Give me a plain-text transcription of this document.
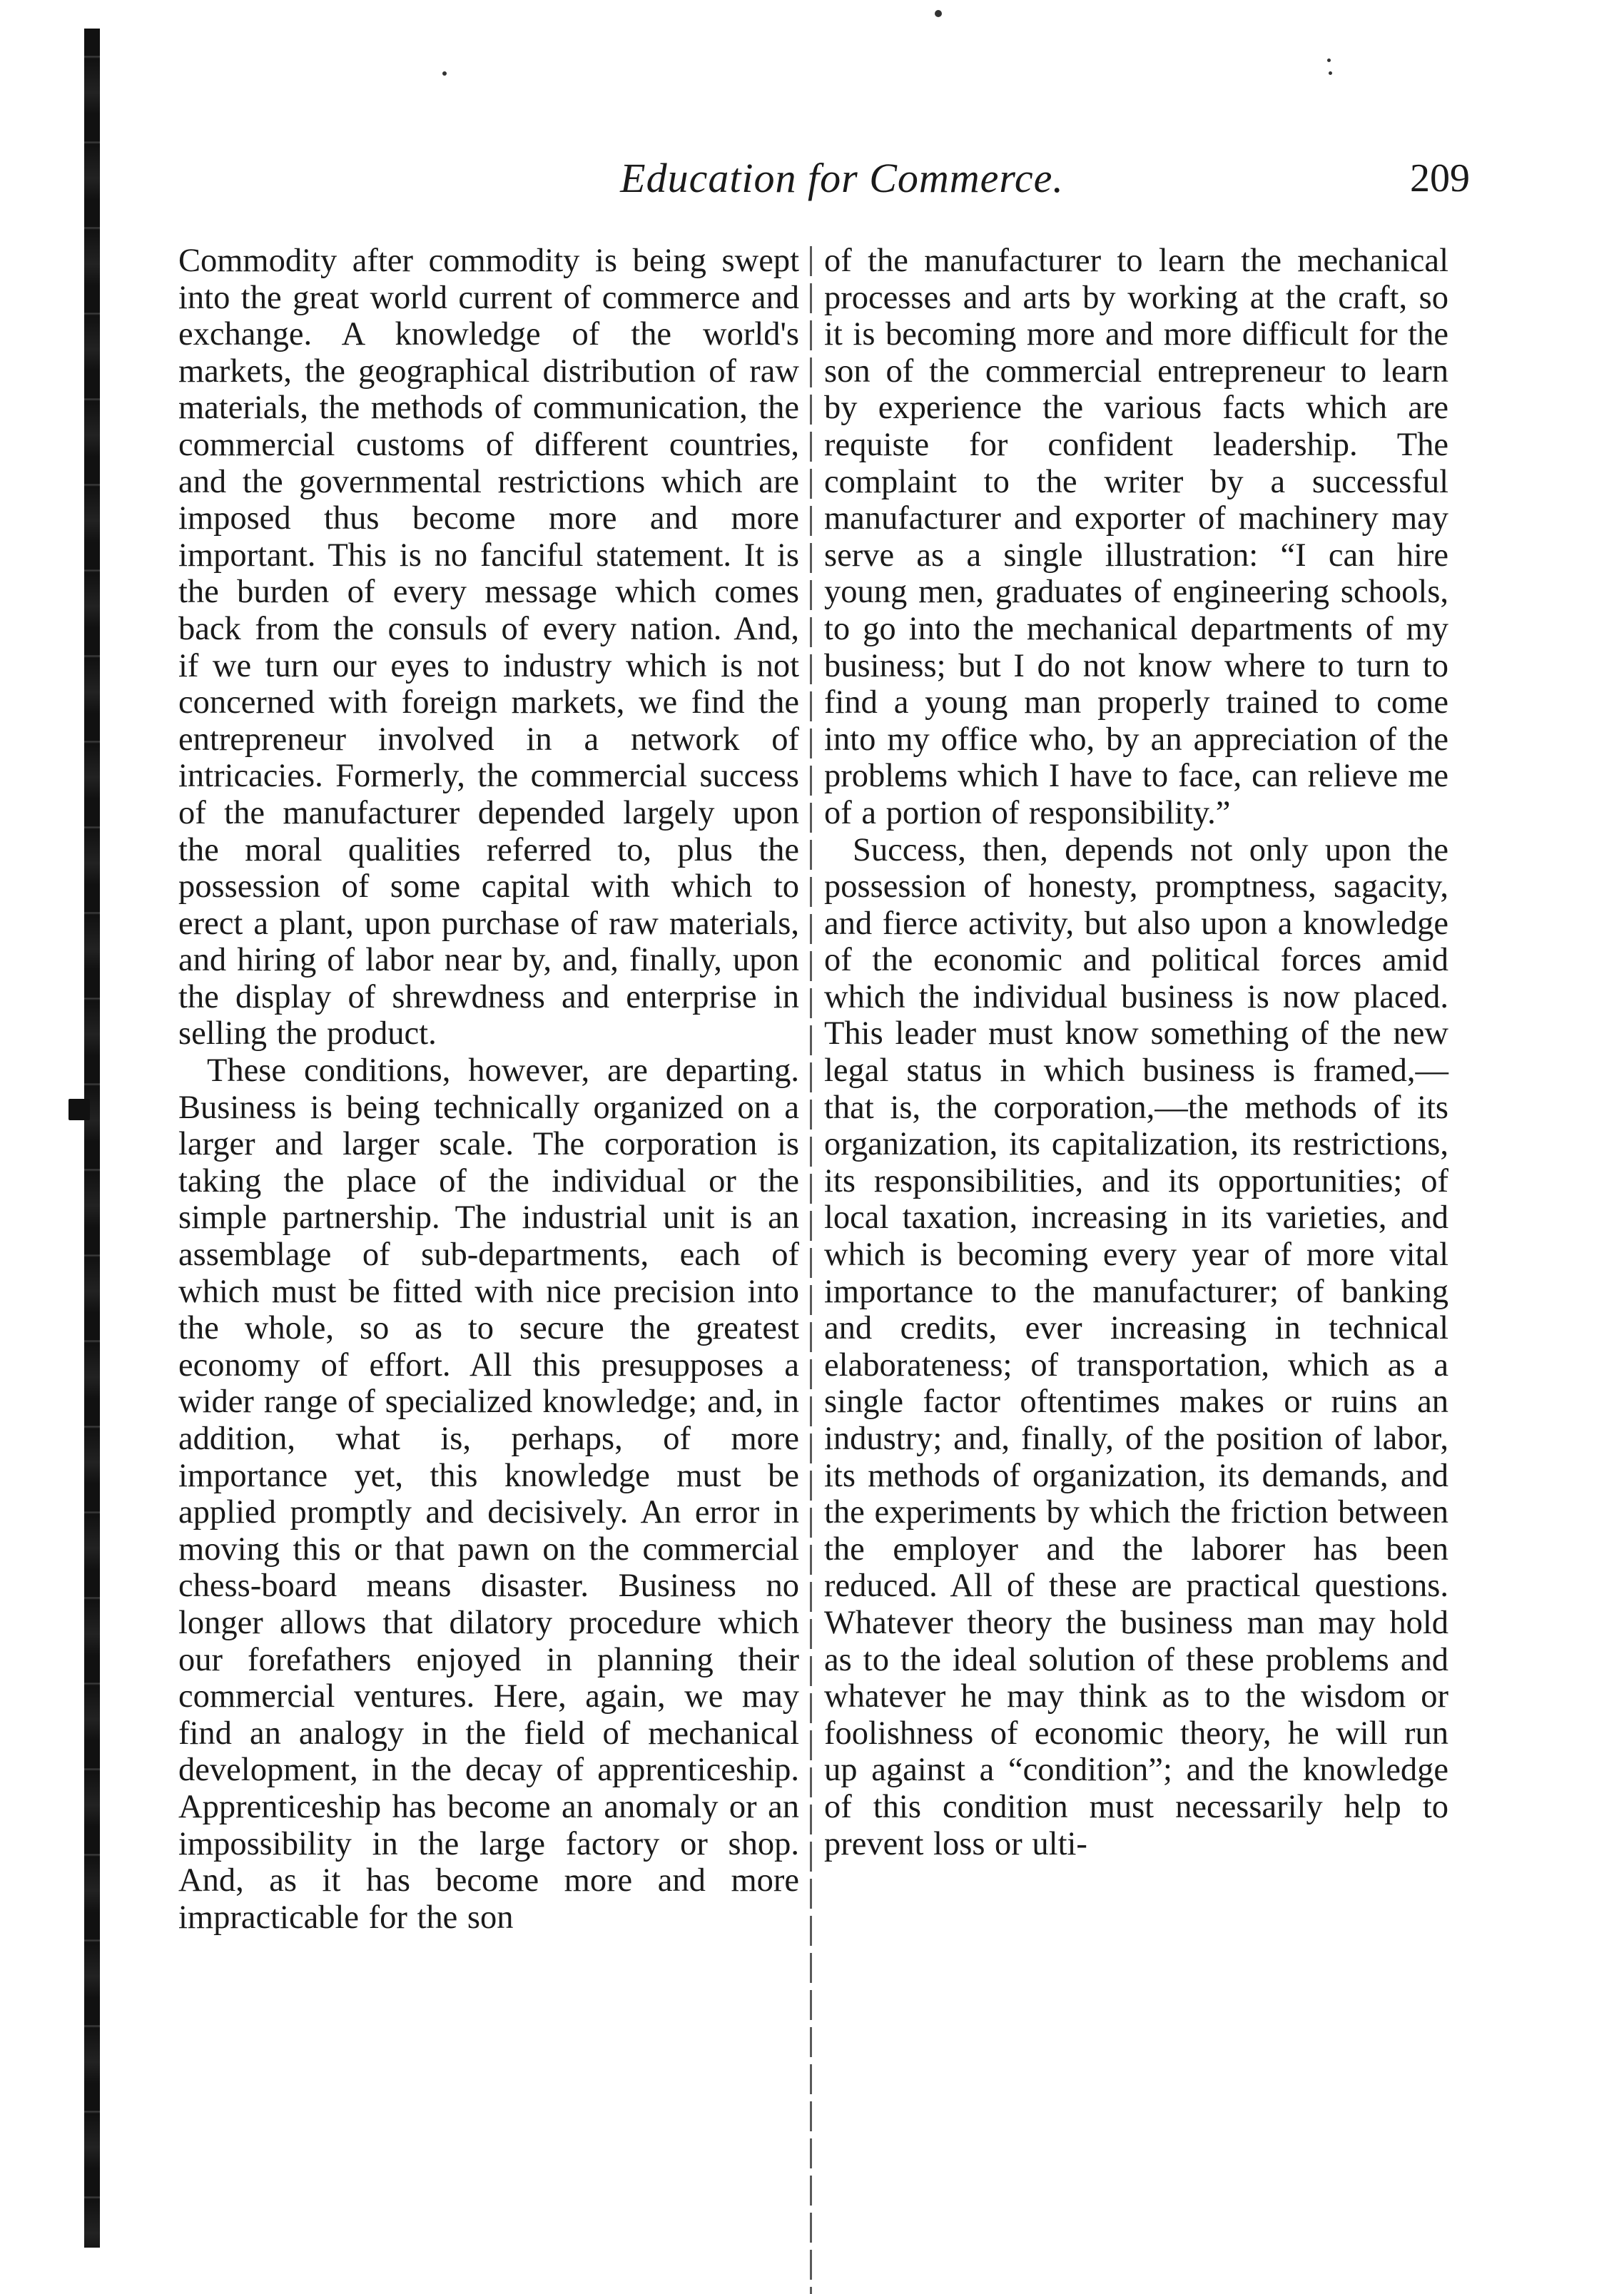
Education for Commerce.	209

Commodity after commodity is being swept into the great world current of commerce and exchange. A knowledge of the world's markets, the geographical distribution of raw materials, the methods of communication, the commercial customs of different countries, and the governmental restrictions which are imposed thus become more and more important. This is no fanciful statement. It is the burden of every message which comes back from the consuls of every nation. And, if we turn our eyes to industry which is not concerned with foreign markets, we find the entrepreneur involved in a network of intricacies. Formerly, the commercial success of the manufacturer depended largely upon the moral qualities referred to, plus the possession of some capital with which to erect a plant, upon purchase of raw materials, and hiring of labor near by, and, finally, upon the display of shrewdness and enterprise in selling the product.

These conditions, however, are departing. Business is being technically organized on a larger and larger scale. The corporation is taking the place of the individual or the simple partnership. The industrial unit is an assemblage of sub-departments, each of which must be fitted with nice precision into the whole, so as to secure the greatest economy of effort. All this presupposes a wider range of specialized knowledge; and, in addition, what is, perhaps, of more importance yet, this knowledge must be applied promptly and decisively. An error in moving this or that pawn on the commercial chess-board means disaster. Business no longer allows that dilatory procedure which our forefathers enjoyed in planning their commercial ventures. Here, again, we may find an analogy in the field of mechanical development, in the decay of apprenticeship. Apprenticeship has become an anomaly or an impossibility in the large factory or shop. And, as it has become more and more impracticable for the son

of the manufacturer to learn the mechanical processes and arts by working at the craft, so it is becoming more and more difficult for the son of the commercial entrepreneur to learn by experience the various facts which are requiste for confident leadership. The complaint to the writer by a successful manufacturer and exporter of machinery may serve as a single illustration: “I can hire young men, graduates of engineering schools, to go into the mechanical departments of my business; but I do not know where to turn to find a young man properly trained to come into my office who, by an appreciation of the problems which I have to face, can relieve me of a portion of responsibility.”

Success, then, depends not only upon the possession of honesty, promptness, sagacity, and fierce activity, but also upon a knowledge of the economic and political forces amid which the individual business is now placed. This leader must know something of the new legal status in which business is framed,—that is, the corporation,—the methods of its organization, its capitalization, its restrictions, its responsibilities, and its opportunities; of local taxation, increasing in its varieties, and which is becoming every year of more vital importance to the manufacturer; of banking and credits, ever increasing in technical elaborateness; of transportation, which as a single factor oftentimes makes or ruins an industry; and, finally, of the position of labor, its methods of organization, its demands, and the experiments by which the friction between the employer and the laborer has been reduced. All of these are practical questions. Whatever theory the business man may hold as to the ideal solution of these problems and whatever he may think as to the wisdom or foolishness of economic theory, he will run up against a “condition”; and the knowledge of this condition must necessarily help to prevent loss or ulti-
